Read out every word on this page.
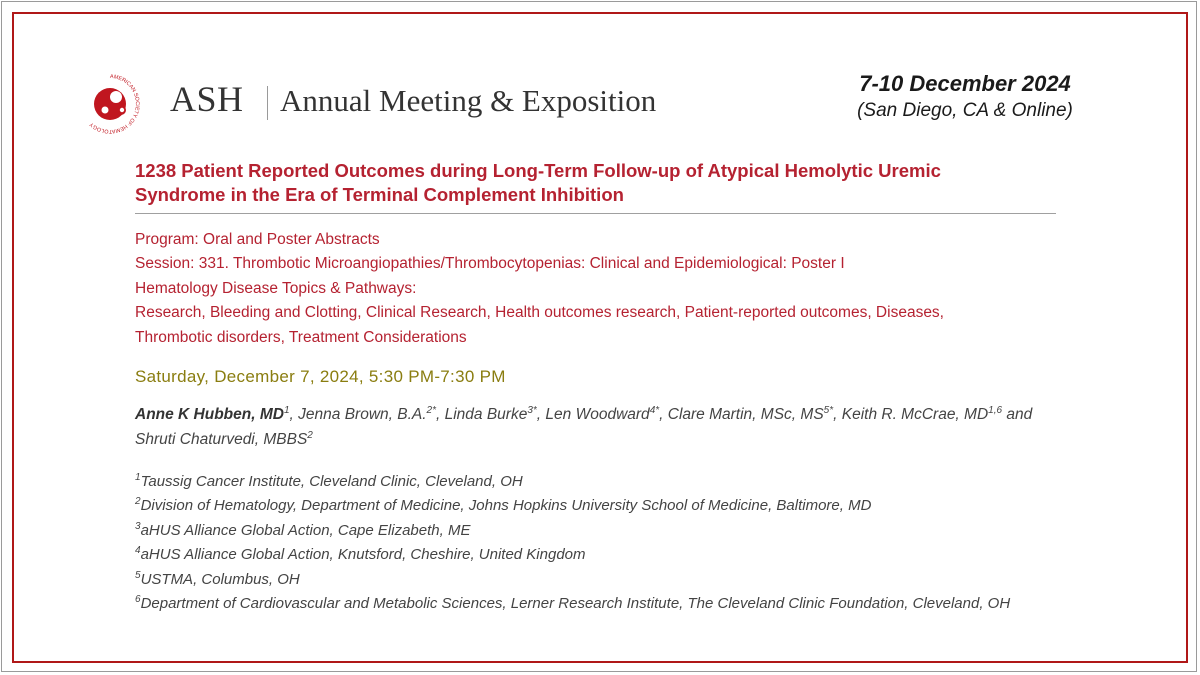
AMERICAN SOCIETY OF HEMATOLOGY
ASH Annual Meeting & Exposition	7-10 December 2024
(San Diego, CA & Online)
1238 Patient Reported Outcomes during Long-Term Follow-up of Atypical Hemolytic Uremic
Syndrome in the Era of Terminal Complement Inhibition
Program: Oral and Poster Abstracts
Session: 331. Thrombotic Microangiopathies/Thrombocytopenias: Clinical and Epidemiological: Poster I
Hematology Disease Topics & Pathways:
Research, Bleeding and Clotting, Clinical Research, Health outcomes research, Patient-reported outcomes, Diseases,
Thrombotic disorders, Treatment Considerations
Saturday, December 7, 2024, 5:30 PM-7:30 PM
Anne K Hubben, $MD^1$, Jenna Brown, B.A.$^{2*}$, Linda Burke$^{3*}$, Len Woodward$^{4*}$, Clare Martin, MSc, $MS^{5*}$, Keith R. McCrae, MD$^{1,6}$ and
Shruti Chaturvedi, MBBS$^2$
$^1$Taussig Cancer Institute, Cleveland Clinic, Cleveland, OH
$^2$Division of Hematology, Department of Medicine, Johns Hopkins University School of Medicine, Baltimore, MD
$^3$aHUS Alliance Global Action, Cape Elizabeth, ME
$^4$aHUS Alliance Global Action, Knutsford, Cheshire, United Kingdom
$^5$USTMA, Columbus, OH
$^6$Department of Cardiovascular and Metabolic Sciences, Lerner Research Institute, The Cleveland Clinic Foundation, Cleveland, OH
